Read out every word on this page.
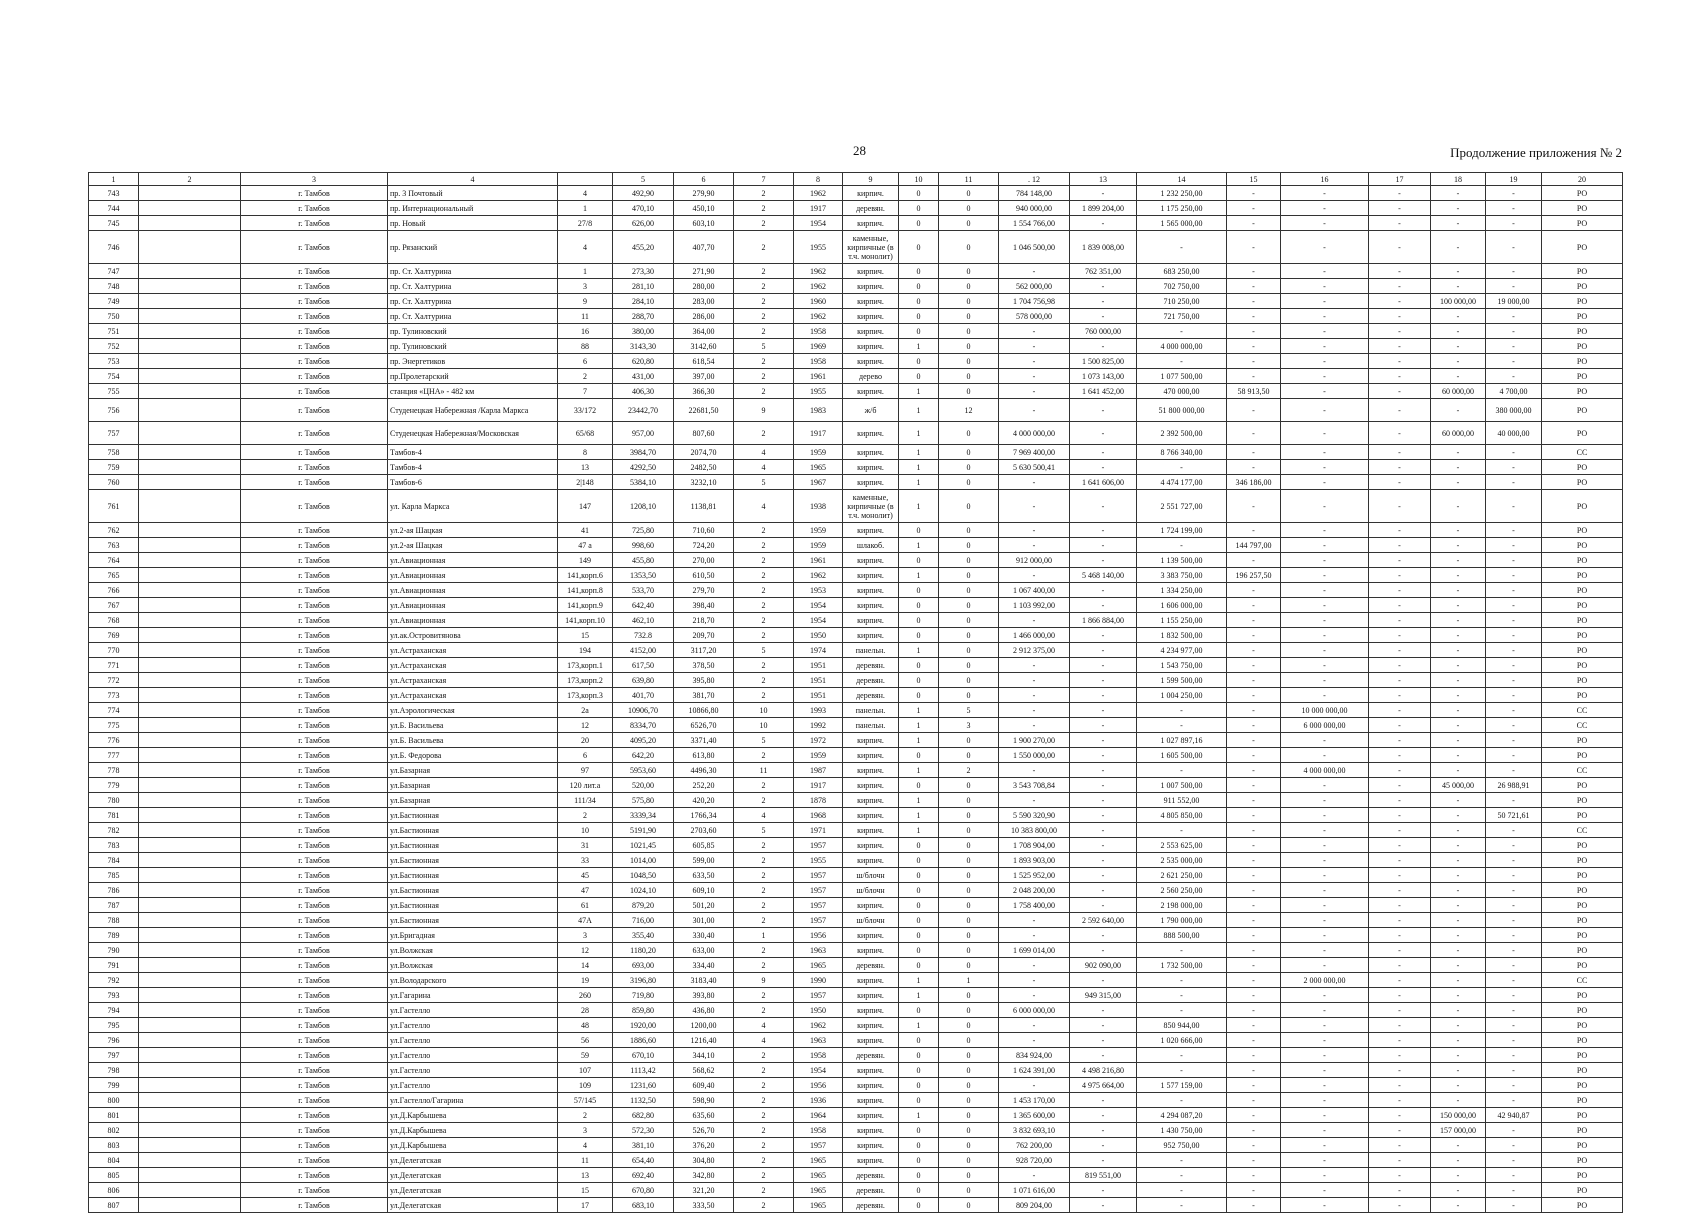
28	Продолжение приложения № 2
1	2	3	4		5	6	7	8	9	10	11	. 12	13	14	15	16	17	18	19	20
743		г. Тамбов	пр. 3 Почтовый	4	492,90	279,90	2	1962	кирпич.	0	0	784 148,00	-	1 232 250,00	-	-	-	-	-	РО
744		г. Тамбов	пр. Интернациональный	1	470,10	450,10	2	1917	деревян.	0	0	940 000,00	1 899 204,00	1 175 250,00	-	-	-	-	-	РО
745		г. Тамбов	пр. Новый	27/8	626,00	603,10	2	1954	кирпич.	0	0	1 554 766,00	-	1 565 000,00	-	-	-	-	-	РО
746		г. Тамбов	пр. Рязанский	4	455,20	407,70	2	1955	каменные, кирпичные (в т.ч. монолит)	0	0	1 046 500,00	1 839 008,00	-	-	-	-	-	-	РО
747		г. Тамбов	пр. Ст. Халтурина	1	273,30	271,90	2	1962	кирпич.	0	0	-	762 351,00	683 250,00	-	-	-	-	-	РО
748		г. Тамбов	пр. Ст. Халтурина	3	281,10	280,00	2	1962	кирпич.	0	0	562 000,00	-	702 750,00	-	-	-	-	-	РО
749		г. Тамбов	пр. Ст. Халтурина	9	284,10	283,00	2	1960	кирпич.	0	0	1 704 756,98	-	710 250,00	-	-	-	100 000,00	19 000,00	РО
750		г. Тамбов	пр. Ст. Халтурина	11	288,70	286,00	2	1962	кирпич.	0	0	578 000,00	-	721 750,00	-	-	-	-	-	РО
751		г. Тамбов	пр. Тулиновский	16	380,00	364,00	2	1958	кирпич.	0	0	-	760 000,00	-	-	-	-	-	-	РО
752		г. Тамбов	пр. Тулиновский	88	3143,30	3142,60	5	1969	кирпич.	1	0	-	-	4 000 000,00	-	-	-	-	-	РО
753		г. Тамбов	пр. Энергетиков	6	620,80	618,54	2	1958	кирпич.	0	0	-	1 500 825,00	-	-	-	-	-	-	РО
754		г. Тамбов	пр.Пролетарский	2	431,00	397,00	2	1961	дерево	0	0	-	1 073 143,00	1 077 500,00	-	-	-	-	-	РО
755		г. Тамбов	станция «ЦНА» - 482 км	7	406,30	366,30	2	1955	кирпич.	1	0	-	1 641 452,00	470 000,00	58 913,50	-	-	60 000,00	4 700,00	РО
756		г. Тамбов	Студенецкая Набережная /Карла Маркса	33/172	23442,70	22681,50	9	1983	ж/б	1	12	-	-	51 800 000,00	-	-	-	-	380 000,00	РО
757		г. Тамбов	Студенецкая Набережная/Московская	65/68	957,00	807,60	2	1917	кирпич.	1	0	4 000 000,00	-	2 392 500,00	-	-	-	60 000,00	40 000,00	РО
758		г. Тамбов	Тамбов-4	8	3984,70	2074,70	4	1959	кирпич.	1	0	7 969 400,00	-	8 766 340,00	-	-	-	-	-	СС
759		г. Тамбов	Тамбов-4	13	4292,50	2482,50	4	1965	кирпич.	1	0	5 630 500,41	-	-	-	-	-	-	-	РО
760		г. Тамбов	Тамбов-6	2|148	5384,10	3232,10	5	1967	кирпич.	1	0	-	1 641 606,00	4 474 177,00	346 186,00	-	-	-	-	РО
761		г. Тамбов	ул. Карла Маркса	147	1208,10	1138,81	4	1938	каменные, кирпичные (в т.ч. монолит)	1	0	-	-	2 551 727,00	-	-	-	-	-	РО
762		г. Тамбов	ул.2-ая Шацкая	41	725,80	710,60	2	1959	кирпич.	0	0	-	-	1 724 199,00	-	-	-	-	-	РО
763		г. Тамбов	ул.2-ая Шацкая	47 а	998,60	724,20	2	1959	шлакоб.	1	0	-	-	-	144 797,00	-	-	-	-	РО
764		г. Тамбов	ул.Авиационная	149	455,80	270,00	2	1961	кирпич.	0	0	912 000,00	-	1 139 500,00	-	-	-	-	-	РО
765		г. Тамбов	ул.Авиационная	141,корп.6	1353,50	610,50	2	1962	кирпич.	1	0	-	5 468 140,00	3 383 750,00	196 257,50	-	-	-	-	РО
766		г. Тамбов	ул.Авиационная	141,корп.8	533,70	279,70	2	1953	кирпич.	0	0	1 067 400,00	-	1 334 250,00	-	-	-	-	-	РО
767		г. Тамбов	ул.Авиационная	141,корп.9	642,40	398,40	2	1954	кирпич.	0	0	1 103 992,00	-	1 606 000,00	-	-	-	-	-	РО
768		г. Тамбов	ул.Авиационная	141,корп.10	462,10	218,70	2	1954	кирпич.	0	0	-	1 866 884,00	1 155 250,00	-	-	-	-	-	РО
769		г. Тамбов	ул.ак.Островитянова	15	732.8	209,70	2	1950	кирпич.	0	0	1 466 000,00	-	1 832 500,00	-	-	-	-	-	РО
770		г. Тамбов	ул.Астраханская	194	4152,00	3117,20	5	1974	панельн.	1	0	2 912 375,00	-	4 234 977,00	-	-	-	-	-	РО
771		г. Тамбов	ул.Астраханская	173,корп.1	617,50	378,50	2	1951	деревян.	0	0	-	-	1 543 750,00	-	-	-	-	-	РО
772		г. Тамбов	ул.Астраханская	173,корп.2	639,80	395,80	2	1951	деревян.	0	0	-	-	1 599 500,00	-	-	-	-	-	РО
773		г. Тамбов	ул.Астраханская	173,корп.3	401,70	381,70	2	1951	деревян.	0	0	-	-	1 004 250,00	-	-	-	-	-	РО
774		г. Тамбов	ул.Аэрологическая	2а	10906,70	10866,80	10	1993	панельн.	1	5	-	-	-	-	10 000 000,00	-	-	-	СС
775		г. Тамбов	ул.Б. Васильева	12	8334,70	6526,70	10	1992	панельн.	1	3	-	-	-	-	6 000 000,00	-	-	-	СС
776		г. Тамбов	ул.Б. Васильева	20	4095,20	3371,40	5	1972	кирпич.	1	0	1 900 270,00	-	1 027 897,16	-	-	-	-	-	РО
777		г. Тамбов	ул.Б. Федорова	6	642,20	613,80	2	1959	кирпич.	0	0	1 550 000,00	-	1 605 500,00	-	-	-	-	-	РО
778		г. Тамбов	ул.Базарная	97	5953,60	4496,30	11	1987	кирпич.	1	2	-	-	-	-	4 000 000,00	-	-	-	СС
779		г. Тамбов	ул.Базарная	120 лит.а	520,00	252,20	2	1917	кирпич.	0	0	3 543 708,84	-	1 007 500,00	-	-	-	45 000,00	26 988,91	РО
780		г. Тамбов	ул.Базарная	111/34	575,80	420,20	2	1878	кирпич.	1	0	-	-	911 552,00	-	-	-	-	-	РО
781		г. Тамбов	ул.Бастионная	2	3339,34	1766,34	4	1968	кирпич.	1	0	5 590 320,90	-	4 805 850,00	-	-	-	-	50 721,61	РО
782		г. Тамбов	ул.Бастионная	10	5191,90	2703,60	5	1971	кирпич.	1	0	10 383 800,00	-	-	-	-	-	-	-	СС
783		г. Тамбов	ул.Бастионная	31	1021,45	605,85	2	1957	кирпич.	0	0	1 708 904,00	-	2 553 625,00	-	-	-	-	-	РО
784		г. Тамбов	ул.Бастионная	33	1014,00	599,00	2	1955	кирпич.	0	0	1 893 903,00	-	2 535 000,00	-	-	-	-	-	РО
785		г. Тамбов	ул.Бастионная	45	1048,50	633,50	2	1957	ш/блочн	0	0	1 525 952,00	-	2 621 250,00	-	-	-	-	-	РО
786		г. Тамбов	ул.Бастионная	47	1024,10	609,10	2	1957	ш/блочн	0	0	2 048 200,00	-	2 560 250,00	-	-	-	-	-	РО
787		г. Тамбов	ул.Бастионная	61	879,20	501,20	2	1957	кирпич.	0	0	1 758 400,00	-	2 198 000,00	-	-	-	-	-	РО
788		г. Тамбов	ул.Бастионная	47А	716,00	301,00	2	1957	ш/блочн	0	0	-	2 592 640,00	1 790 000,00	-	-	-	-	-	РО
789		г. Тамбов	ул.Бригадная	3	355,40	330,40	1	1956	кирпич.	0	0	-	-	888 500,00	-	-	-	-	-	РО
790		г. Тамбов	ул.Волжская	12	1180,20	633,00	2	1963	кирпич.	0	0	1 699 014,00	-	-	-	-	-	-	-	РО
791		г. Тамбов	ул.Волжская	14	693,00	334,40	2	1965	деревян.	0	0	-	902 090,00	1 732 500,00	-	-	-	-	-	РО
792		г. Тамбов	ул.Володарского	19	3196,80	3183,40	9	1990	кирпич.	1	1	-	-	-	-	2 000 000,00	-	-	-	СС
793		г. Тамбов	ул.Гагарина	260	719,80	393,80	2	1957	кирпич.	1	0	-	949 315,00	-	-	-	-	-	-	РО
794		г. Тамбов	ул.Гастелло	28	859,80	436,80	2	1950	кирпич.	0	0	6 000 000,00	-	-	-	-	-	-	-	РО
795		г. Тамбов	ул.Гастелло	48	1920,00	1200,00	4	1962	кирпич.	1	0	-	-	850 944,00	-	-	-	-	-	РО
796		г. Тамбов	ул.Гастелло	56	1886,60	1216,40	4	1963	кирпич.	0	0	-	-	1 020 666,00	-	-	-	-	-	РО
797		г. Тамбов	ул.Гастелло	59	670,10	344,10	2	1958	деревян.	0	0	834 924,00	-	-	-	-	-	-	-	РО
798		г. Тамбов	ул.Гастелло	107	1113,42	568,62	2	1954	кирпич.	0	0	1 624 391,00	4 498 216,80	-	-	-	-	-	-	РО
799		г. Тамбов	ул.Гастелло	109	1231,60	609,40	2	1956	кирпич.	0	0	-	4 975 664,00	1 577 159,00	-	-	-	-	-	РО
800		г. Тамбов	ул.Гастелло/Гагарина	57/145	1132,50	598,90	2	1936	кирпич.	0	0	1 453 170,00	-	-	-	-	-	-	-	РО
801		г. Тамбов	ул.Д.Карбышева	2	682,80	635,60	2	1964	кирпич.	1	0	1 365 600,00	-	4 294 087,20	-	-	-	150 000,00	42 940,87	РО
802		г. Тамбов	ул.Д.Карбышева	3	572,30	526,70	2	1958	кирпич.	0	0	3 832 693,10	-	1 430 750,00	-	-	-	157 000,00	-	РО
803		г. Тамбов	ул.Д.Карбышева	4	381,10	376,20	2	1957	кирпич.	0	0	762 200,00	-	952 750,00	-	-	-	-	-	РО
804		г. Тамбов	ул.Делегатская	11	654,40	304,80	2	1965	кирпич.	0	0	928 720,00	-	-	-	-	-	-	-	РО
805		г. Тамбов	ул.Делегатская	13	692,40	342,80	2	1965	деревян.	0	0	-	819 551,00	-	-	-	-	-	-	РО
806		г. Тамбов	ул.Делегатская	15	670,80	321,20	2	1965	деревян.	0	0	1 071 616,00	-	-	-	-	-	-	-	РО
807		г. Тамбов	ул.Делегатская	17	683,10	333,50	2	1965	деревян.	0	0	809 204,00	-	-	-	-	-	-	-	РО
